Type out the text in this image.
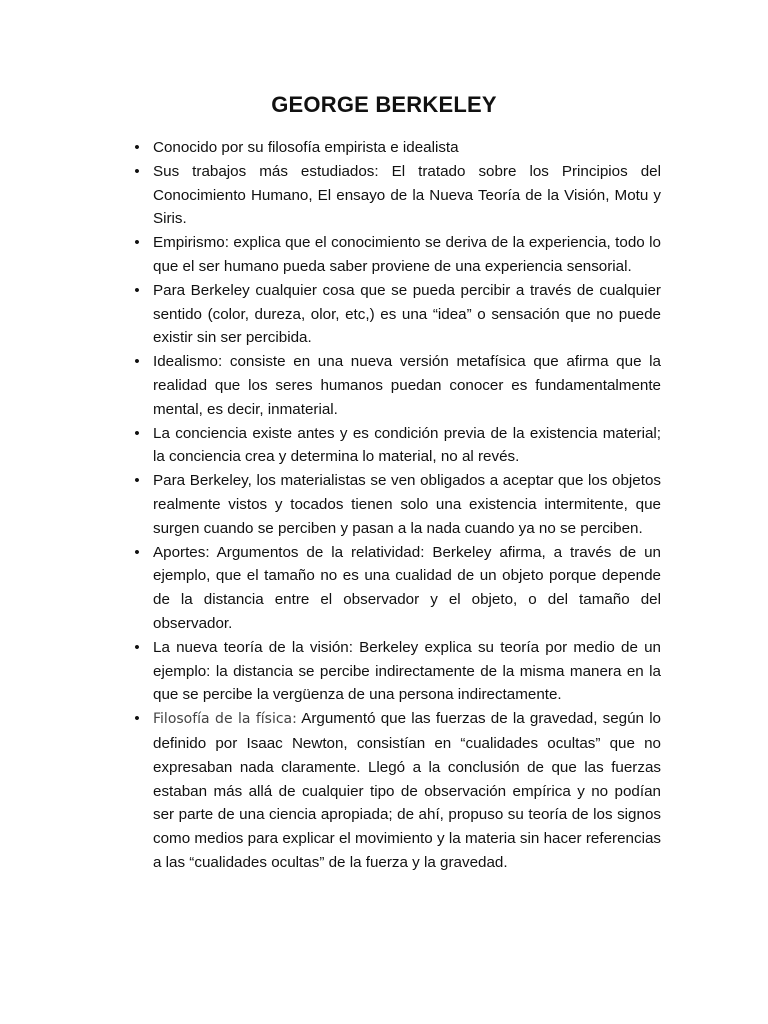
GEORGE BERKELEY
• Conocido por su filosofía empirista e idealista
• Sus trabajos más estudiados: El tratado sobre los Principios del Conocimiento Humano, El ensayo de la Nueva Teoría de la Visión, Motu y Siris.
• Empirismo: explica que el conocimiento se deriva de la experiencia, todo lo que el ser humano pueda saber proviene de una experiencia sensorial.
• Para Berkeley cualquier cosa que se pueda percibir a través de cualquier sentido (color, dureza, olor, etc,) es una “idea” o sensación que no puede existir sin ser percibida.
• Idealismo: consiste en una nueva versión metafísica que afirma que la realidad que los seres humanos puedan conocer es fundamentalmente mental, es decir, inmaterial.
• La conciencia existe antes y es condición previa de la existencia material; la conciencia crea y determina lo material, no al revés.
• Para Berkeley, los materialistas se ven obligados a aceptar que los objetos realmente vistos y tocados tienen solo una existencia intermitente, que surgen cuando se perciben y pasan a la nada cuando ya no se perciben.
• Aportes: Argumentos de la relatividad: Berkeley afirma, a través de un ejemplo, que el tamaño no es una cualidad de un objeto porque depende de la distancia entre el observador y el objeto, o del tamaño del observador.
• La nueva teoría de la visión: Berkeley explica su teoría por medio de un ejemplo: la distancia se percibe indirectamente de la misma manera en la que se percibe la vergüenza de una persona indirectamente.
• Filosofía de la física: Argumentó que las fuerzas de la gravedad, según lo definido por Isaac Newton, consistían en “cualidades ocultas” que no expresaban nada claramente. Llegó a la conclusión de que las fuerzas estaban más allá de cualquier tipo de observación empírica y no podían ser parte de una ciencia apropiada; de ahí, propuso su teoría de los signos como medios para explicar el movimiento y la materia sin hacer referencias a las “cualidades ocultas” de la fuerza y la gravedad.
